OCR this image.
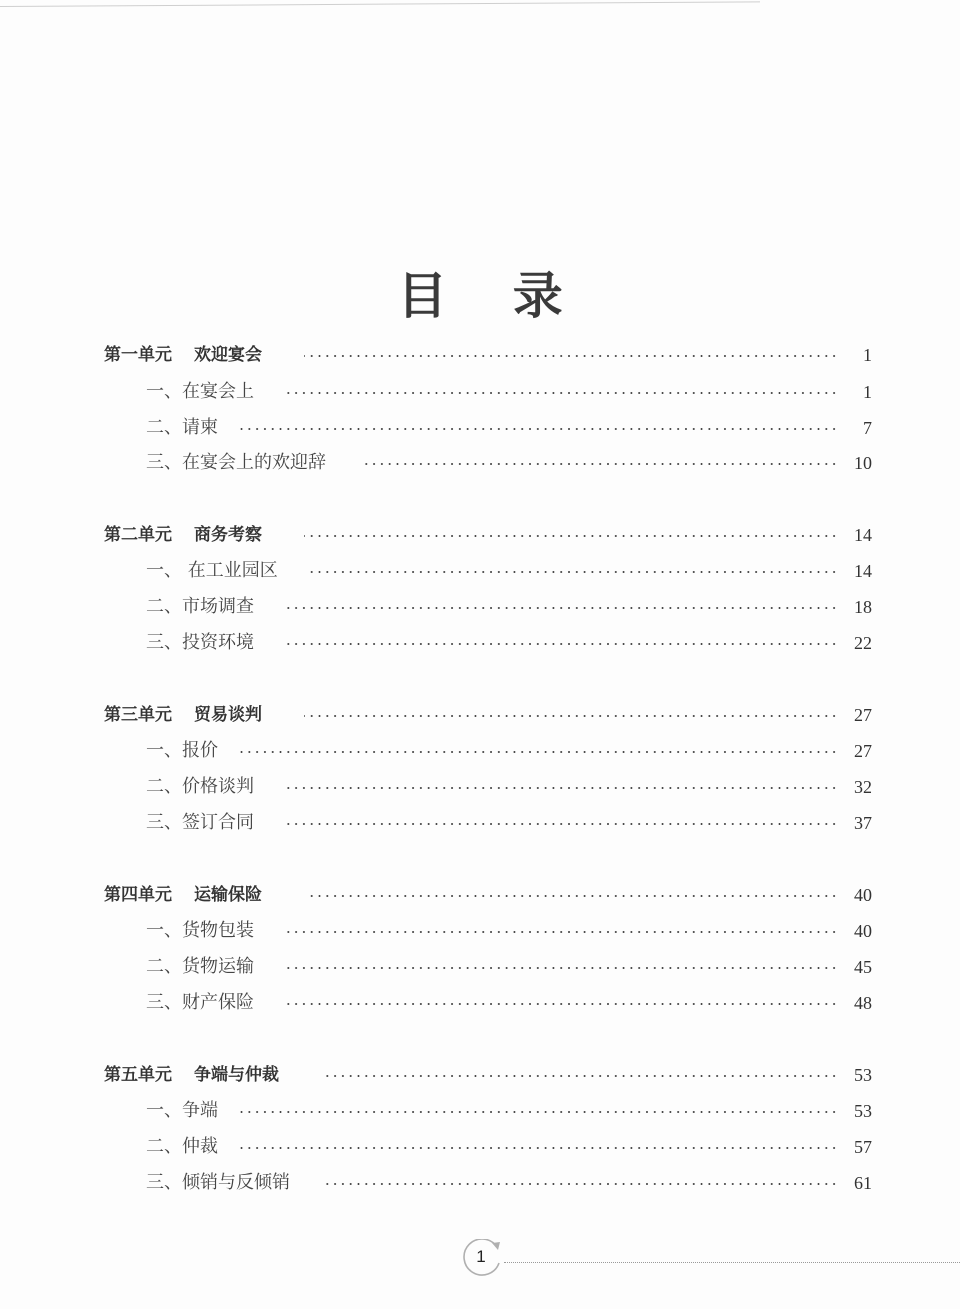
目 录
第一单元 欢迎宴会	1
一、在宴会上	1
二、请柬	7
三、在宴会上的欢迎辞	10
第二单元 商务考察	14
一、 在工业园区	14
二、市场调查	18
三、投资环境	22
第三单元 贸易谈判	27
一、报价	27
二、价格谈判	32
三、签订合同	37
第四单元 运输保险	40
一、货物包装	40
二、货物运输	45
三、财产保险	48
第五单元 争端与仲裁	53
一、争端	53
二、仲裁	57
三、倾销与反倾销	61
1
